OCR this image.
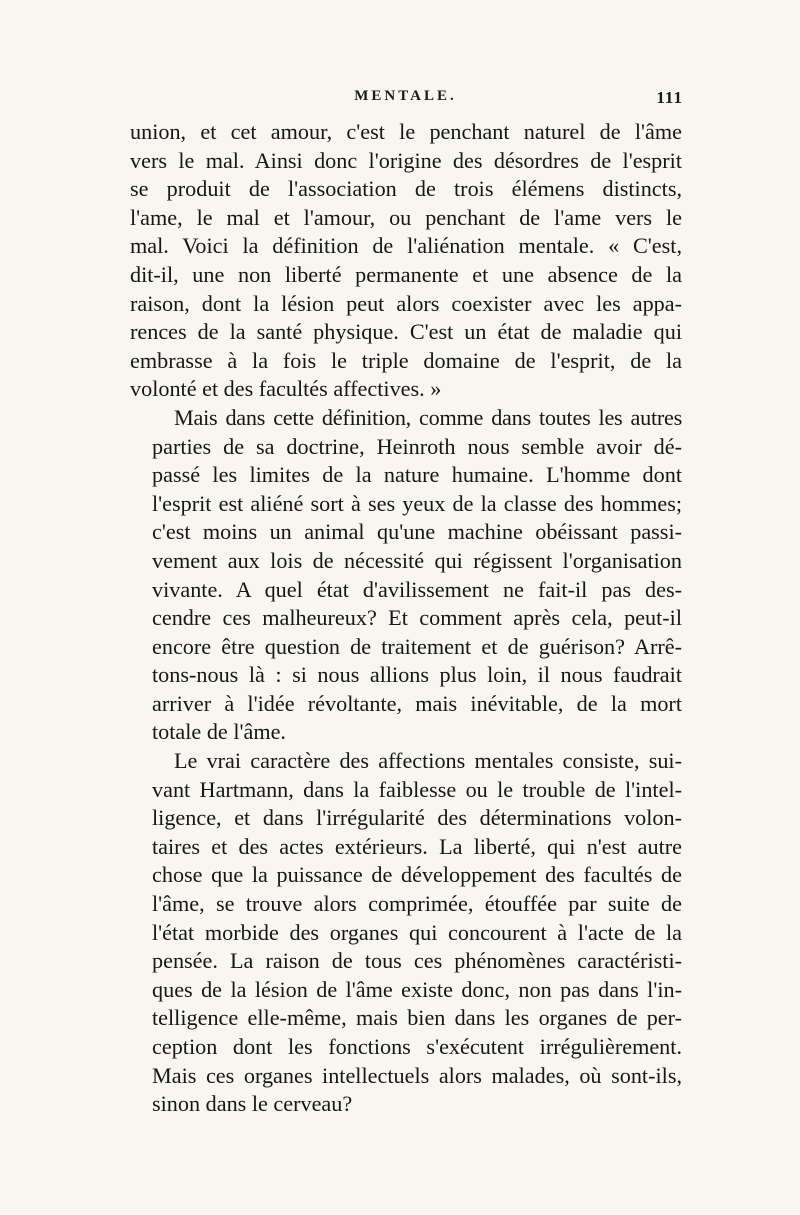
MENTALE.	111
union, et cet amour, c'est le penchant naturel de l'âme
vers le mal. Ainsi donc l'origine des désordres de l'esprit
se produit de l'association de trois élémens distincts,
l'ame, le mal et l'amour, ou penchant de l'ame vers le
mal. Voici la définition de l'aliénation mentale. « C'est,
dit-il, une non liberté permanente et une absence de la
raison, dont la lésion peut alors coexister avec les appa-
rences de la santé physique. C'est un état de maladie qui
embrasse à la fois le triple domaine de l'esprit, de la
volonté et des facultés affectives. »
Mais dans cette définition, comme dans toutes les autres
parties de sa doctrine, Heinroth nous semble avoir dé-
passé les limites de la nature humaine. L'homme dont
l'esprit est aliéné sort à ses yeux de la classe des hommes;
c'est moins un animal qu'une machine obéissant passi-
vement aux lois de nécessité qui régissent l'organisation
vivante. A quel état d'avilissement ne fait-il pas des-
cendre ces malheureux? Et comment après cela, peut-il
encore être question de traitement et de guérison? Arrê-
tons-nous là : si nous allions plus loin, il nous faudrait
arriver à l'idée révoltante, mais inévitable, de la mort
totale de l'âme.
Le vrai caractère des affections mentales consiste, sui-
vant Hartmann, dans la faiblesse ou le trouble de l'intel-
ligence, et dans l'irrégularité des déterminations volon-
taires et des actes extérieurs. La liberté, qui n'est autre
chose que la puissance de développement des facultés de
l'âme, se trouve alors comprimée, étouffée par suite de
l'état morbide des organes qui concourent à l'acte de la
pensée. La raison de tous ces phénomènes caractéristi-
ques de la lésion de l'âme existe donc, non pas dans l'in-
telligence elle-même, mais bien dans les organes de per-
ception dont les fonctions s'exécutent irrégulièrement.
Mais ces organes intellectuels alors malades, où sont-ils,
sinon dans le cerveau?
